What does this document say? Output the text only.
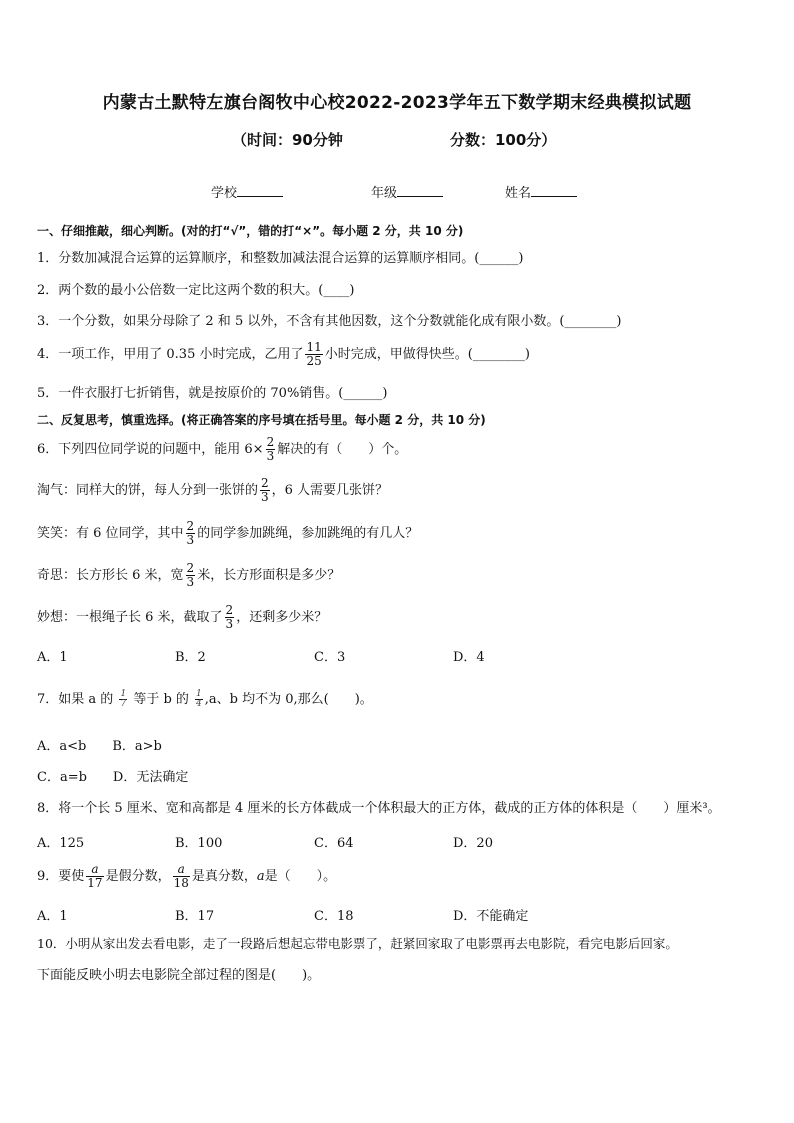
内蒙古土默特左旗台阁牧中心校2022-2023学年五下数学期末经典模拟试题
（时间：90分钟	分数：100分）
学校	年级	姓名
一、仔细推敲，细心判断。(对的打“√”，错的打“×”。每小题 2 分，共 10 分)
1．分数加减混合运算的运算顺序，和整数加减法混合运算的运算顺序相同。(______)
2．两个数的最小公倍数一定比这两个数的积大。(____)
3．一个分数，如果分母除了 2 和 5 以外，不含有其他因数，这个分数就能化成有限小数。(________)
4．一项工作，甲用了 0.35 小时完成，乙用了 $\frac{11}{25}$ 小时完成，甲做得快些。(________)
5．一件衣服打七折销售，就是按原价的 70%销售。(______)
二、反复思考，慎重选择。(将正确答案的序号填在括号里。每小题 2 分，共 10 分)
6．下列四位同学说的问题中，能用 $6\times \frac{2}{3}$ 解决的有（　　）个。
淘气：同样大的饼，每人分到一张饼的 $\frac{2}{3}$ ，6 人需要几张饼？
笑笑：有 6 位同学，其中 $\frac{2}{3}$ 的同学参加跳绳，参加跳绳的有几人？
奇思：长方形长 6 米，宽 $\frac{2}{3}$ 米，长方形面积是多少？
妙想：一根绳子长 6 米，截取了 $\frac{2}{3}$ ，还剩多少米？
A．1	B．2	C．3	D．4
7．如果 a 的 $\frac{1}{7}$ 等于 b 的 $\frac{1}{4} ,a$、b 均不为 0,那么(　　)。
A．a<b　　B．a>b
C．a=b　　D．无法确定
8．将一个长 5 厘米、宽和高都是 4 厘米的长方体截成一个体积最大的正方体，截成的正方体的体积是（　　）厘米³。
A．125	B．100	C．64	D．20
9．要使 $\frac{a}{17}$ 是假分数， $\frac{a}{18}$ 是真分数，a是（　　）。
A．1	B．17	C．18	D．不能确定
10．小明从家出发去看电影，走了一段路后想起忘带电影票了，赶紧回家取了电影票再去电影院，看完电影后回家。
下面能反映小明去电影院全部过程的图是(　　)。
